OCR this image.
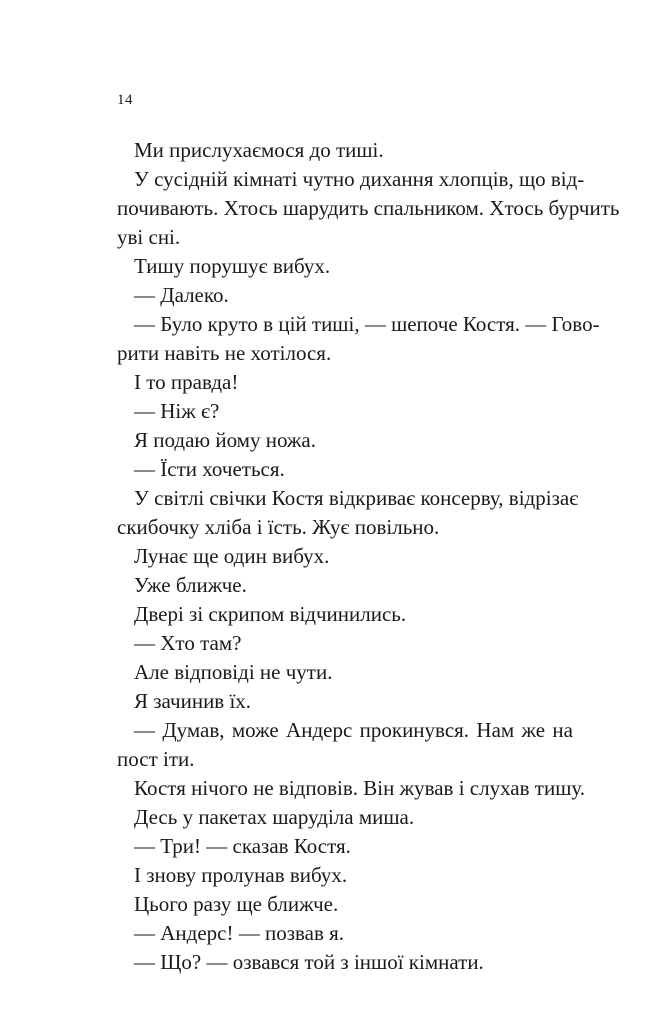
14
Ми прислухаємося до тиші.
У сусідній кімнаті чутно дихання хлопців, що від-
почивають. Хтось шарудить спальником. Хтось бурчить
уві сні.
Тишу порушує вибух.
— Далеко.
— Було круто в цій тиші, — шепоче Костя. — Гово-
рити навіть не хотілося.
І то правда!
— Ніж є?
Я подаю йому ножа.
— Їсти хочеться.
У світлі свічки Костя відкриває консерву, відрізає
скибочку хліба і їсть. Жує повільно.
Лунає ще один вибух.
Уже ближче.
Двері зі скрипом відчинились.
— Хто там?
Але відповіді не чути.
Я зачинив їх.
— Думав, може Андерс прокинувся. Нам же на
пост іти.
Костя нічого не відповів. Він жував і слухав тишу.
Десь у пакетах шаруділа миша.
— Три! — сказав Костя.
І знову пролунав вибух.
Цього разу ще ближче.
— Андерс! — позвав я.
— Що? — озвався той з іншої кімнати.
